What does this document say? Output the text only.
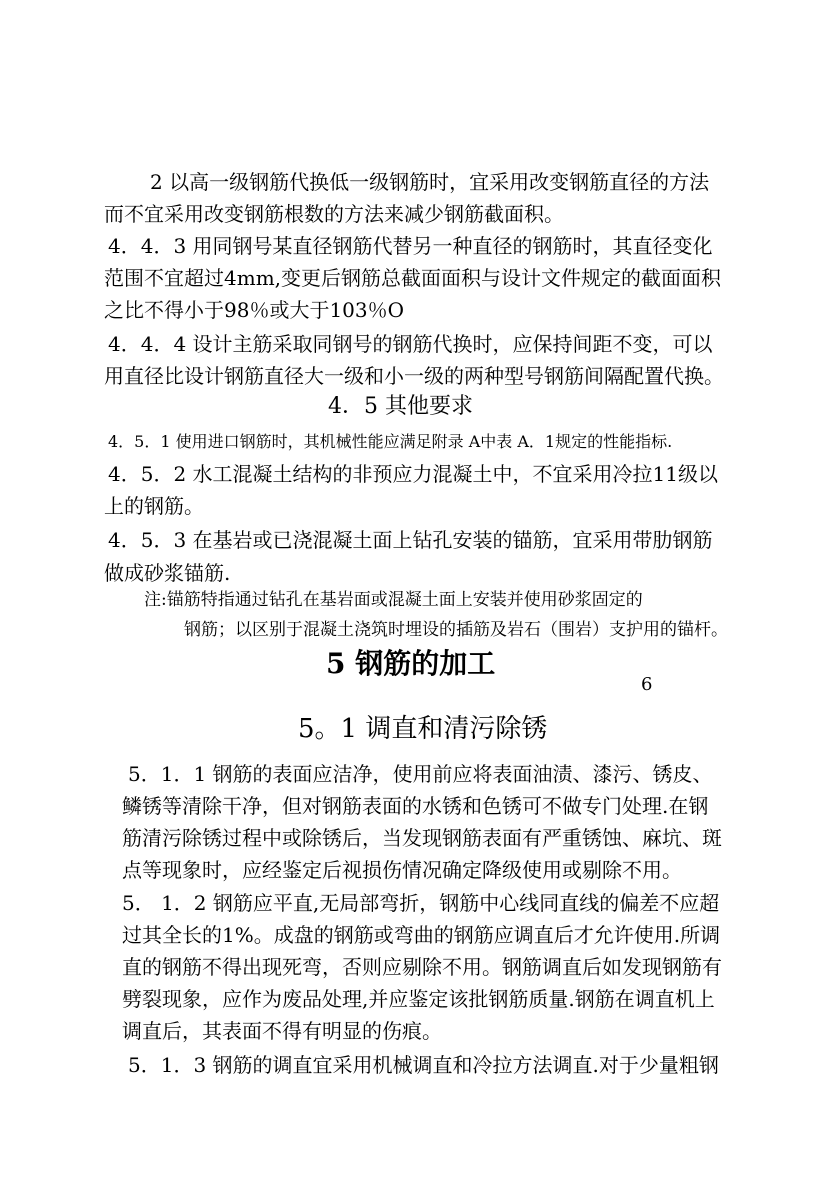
2 以高一级钢筋代换低一级钢筋时，宜采用改变钢筋直径的方法

而不宜采用改变钢筋根数的方法来减少钢筋截面积。

4．4．3 用同钢号某直径钢筋代替另一种直径的钢筋时，其直径变化

范围不宜超过4mm,变更后钢筋总截面面积与设计文件规定的截面面积

之比不得小于98％或大于103％O

4．4．4 设计主筋采取同钢号的钢筋代换时，应保持间距不变，可以

用直径比设计钢筋直径大一级和小一级的两种型号钢筋间隔配置代换。

4．5 其他要求

4．5．1 使用进口钢筋时，其机械性能应满足附录 A中表 A．1规定的性能指标.

4．5．2 水工混凝土结构的非预应力混凝土中，不宜采用冷拉11级以

上的钢筋。

4．5．3 在基岩或已浇混凝土面上钻孔安装的锚筋，宜采用带肋钢筋

做成砂浆锚筋.

注:锚筋特指通过钻孔在基岩面或混凝土面上安装并使用砂浆固定的

钢筋；以区别于混凝土浇筑时埋设的插筋及岩石（围岩）支护用的锚杆。

5 钢筋的加工

6

5。1 调直和清污除锈

5．1．1 钢筋的表面应洁净，使用前应将表面油渍、漆污、锈皮、

鳞锈等清除干净，但对钢筋表面的水锈和色锈可不做专门处理.在钢

筋清污除锈过程中或除锈后，当发现钢筋表面有严重锈蚀、麻坑、斑

点等现象时，应经鉴定后视损伤情况确定降级使用或剔除不用。

5． 1．2 钢筋应平直,无局部弯折，钢筋中心线同直线的偏差不应超

过其全长的1%。成盘的钢筋或弯曲的钢筋应调直后才允许使用.所调

直的钢筋不得出现死弯，否则应剔除不用。钢筋调直后如发现钢筋有

劈裂现象，应作为废品处理,并应鉴定该批钢筋质量.钢筋在调直机上

调直后，其表面不得有明显的伤痕。

5．1．3 钢筋的调直宜采用机械调直和冷拉方法调直.对于少量粗钢
